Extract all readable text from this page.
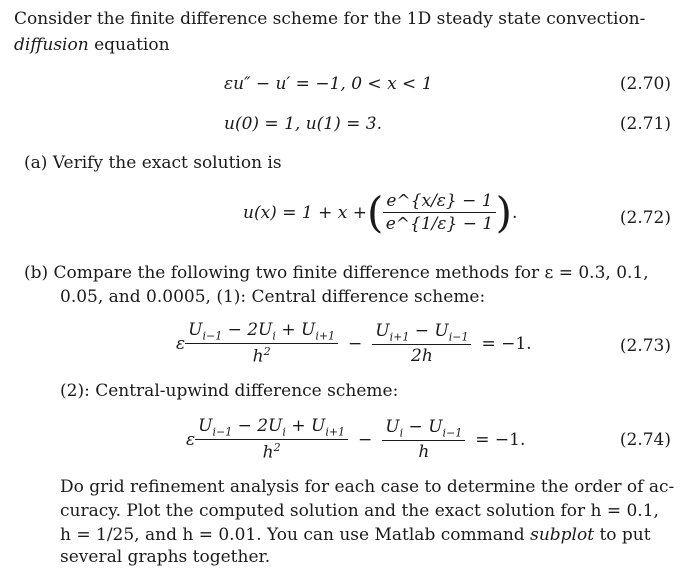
Consider the finite difference scheme for the 1D steady state convection-
diffusion equation
εu″ − u′ = −1, 0 < x < 1	(2.70)
u(0) = 1, u(1) = 3.	(2.71)
(a) Verify the exact solution is
u(x) = 1 + x + ( $\frac{e\^{}\{x/\varepsilon\} - 1}{e\^{}\{1/\varepsilon\} - 1}$ ) .	(2.72)
(b) Compare the following two finite difference methods for ε = 0.3, 0.1,
0.05, and 0.0005, (1): Central difference scheme:
ε $\frac{U_{i-1} - 2U_i + U_{i+1}}{h^2} - \frac{U_{i+1} - U_{i-1}}{2h} = -1$.	(2.73)
(2): Central-upwind difference scheme:
ε $\frac{U_{i-1} - 2U_i + U_{i+1}}{h^2} - \frac{U_i - U_{i-1}}{h} = -1$.	(2.74)
Do grid refinement analysis for each case to determine the order of ac-
curacy. Plot the computed solution and the exact solution for h = 0.1,
h = 1/25, and h = 0.01. You can use Matlab command subplot to put
several graphs together.
